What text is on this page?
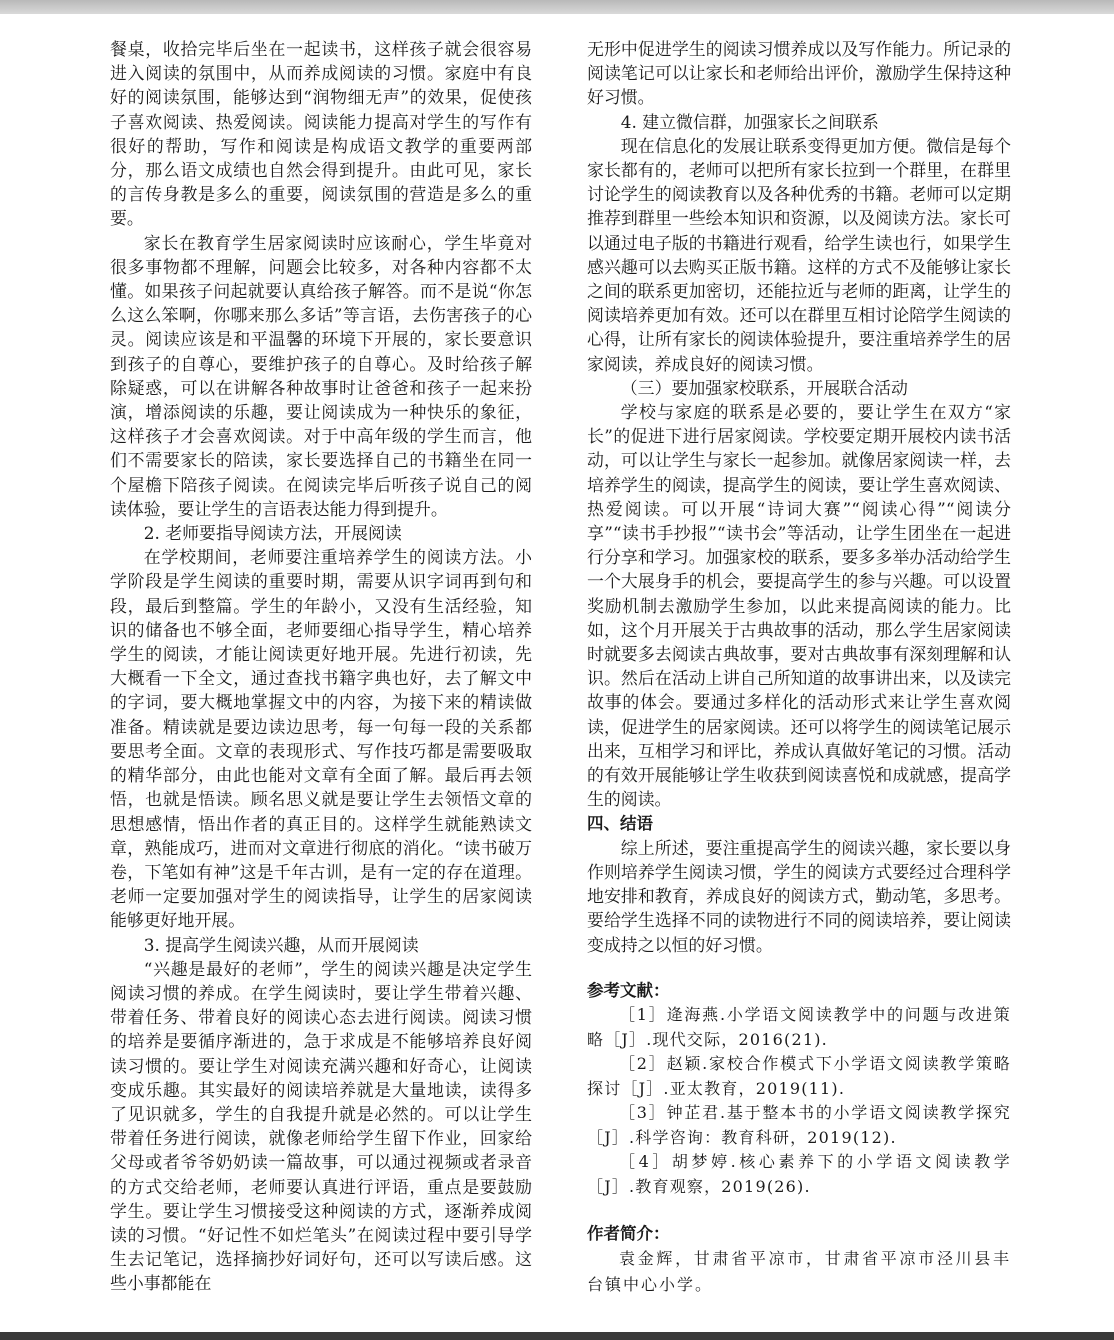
餐桌，收拾完毕后坐在一起读书，这样孩子就会很容易进入阅读的氛围中，从而养成阅读的习惯。家庭中有良好的阅读氛围，能够达到“润物细无声”的效果，促使孩子喜欢阅读、热爱阅读。阅读能力提高对学生的写作有很好的帮助，写作和阅读是构成语文教学的重要两部分，那么语文成绩也自然会得到提升。由此可见，家长的言传身教是多么的重要，阅读氛围的营造是多么的重要。

家长在教育学生居家阅读时应该耐心，学生毕竟对很多事物都不理解，问题会比较多，对各种内容都不太懂。如果孩子问起就要认真给孩子解答。而不是说“你怎么这么笨啊，你哪来那么多话”等言语，去伤害孩子的心灵。阅读应该是和平温馨的环境下开展的，家长要意识到孩子的自尊心，要维护孩子的自尊心。及时给孩子解除疑惑，可以在讲解各种故事时让爸爸和孩子一起来扮演，增添阅读的乐趣，要让阅读成为一种快乐的象征，这样孩子才会喜欢阅读。对于中高年级的学生而言，他们不需要家长的陪读，家长要选择自己的书籍坐在同一个屋檐下陪孩子阅读。在阅读完毕后听孩子说自己的阅读体验，要让学生的言语表达能力得到提升。

2. 老师要指导阅读方法，开展阅读

在学校期间，老师要注重培养学生的阅读方法。小学阶段是学生阅读的重要时期，需要从识字词再到句和段，最后到整篇。学生的年龄小，又没有生活经验，知识的储备也不够全面，老师要细心指导学生，精心培养学生的阅读，才能让阅读更好地开展。先进行初读，先大概看一下全文，通过查找书籍字典也好，去了解文中的字词，要大概地掌握文中的内容，为接下来的精读做准备。精读就是要边读边思考，每一句每一段的关系都要思考全面。文章的表现形式、写作技巧都是需要吸取的精华部分，由此也能对文章有全面了解。最后再去领悟，也就是悟读。顾名思义就是要让学生去领悟文章的思想感情，悟出作者的真正目的。这样学生就能熟读文章，熟能成巧，进而对文章进行彻底的消化。“读书破万卷，下笔如有神”这是千年古训，是有一定的存在道理。老师一定要加强对学生的阅读指导，让学生的居家阅读能够更好地开展。

3. 提高学生阅读兴趣，从而开展阅读

“兴趣是最好的老师”，学生的阅读兴趣是决定学生阅读习惯的养成。在学生阅读时，要让学生带着兴趣、带着任务、带着良好的阅读心态去进行阅读。阅读习惯的培养是要循序渐进的，急于求成是不能够培养良好阅读习惯的。要让学生对阅读充满兴趣和好奇心，让阅读变成乐趣。其实最好的阅读培养就是大量地读，读得多了见识就多，学生的自我提升就是必然的。可以让学生带着任务进行阅读，就像老师给学生留下作业，回家给父母或者爷爷奶奶读一篇故事，可以通过视频或者录音的方式交给老师，老师要认真进行评语，重点是要鼓励学生。要让学生习惯接受这种阅读的方式，逐渐养成阅读的习惯。“好记性不如烂笔头”在阅读过程中要引导学生去记笔记，选择摘抄好词好句，还可以写读后感。这些小事都能在

无形中促进学生的阅读习惯养成以及写作能力。所记录的阅读笔记可以让家长和老师给出评价，激励学生保持这种好习惯。

4. 建立微信群，加强家长之间联系

现在信息化的发展让联系变得更加方便。微信是每个家长都有的，老师可以把所有家长拉到一个群里，在群里讨论学生的阅读教育以及各种优秀的书籍。老师可以定期推荐到群里一些绘本知识和资源，以及阅读方法。家长可以通过电子版的书籍进行观看，给学生读也行，如果学生感兴趣可以去购买正版书籍。这样的方式不及能够让家长之间的联系更加密切，还能拉近与老师的距离，让学生的阅读培养更加有效。还可以在群里互相讨论陪学生阅读的心得，让所有家长的阅读体验提升，要注重培养学生的居家阅读，养成良好的阅读习惯。

（三）要加强家校联系，开展联合活动

学校与家庭的联系是必要的，要让学生在双方“家长”的促进下进行居家阅读。学校要定期开展校内读书活动，可以让学生与家长一起参加。就像居家阅读一样，去培养学生的阅读，提高学生的阅读，要让学生喜欢阅读、热爱阅读。可以开展“诗词大赛”“阅读心得”“阅读分享”“读书手抄报”“读书会”等活动，让学生团坐在一起进行分享和学习。加强家校的联系，要多多举办活动给学生一个大展身手的机会，要提高学生的参与兴趣。可以设置奖励机制去激励学生参加，以此来提高阅读的能力。比如，这个月开展关于古典故事的活动，那么学生居家阅读时就要多去阅读古典故事，要对古典故事有深刻理解和认识。然后在活动上讲自己所知道的故事讲出来，以及读完故事的体会。要通过多样化的活动形式来让学生喜欢阅读，促进学生的居家阅读。还可以将学生的阅读笔记展示出来，互相学习和评比，养成认真做好笔记的习惯。活动的有效开展能够让学生收获到阅读喜悦和成就感，提高学生的阅读。

四、结语

综上所述，要注重提高学生的阅读兴趣，家长要以身作则培养学生阅读习惯，学生的阅读方式要经过合理科学地安排和教育，养成良好的阅读方式，勤动笔，多思考。要给学生选择不同的读物进行不同的阅读培养，要让阅读变成持之以恒的好习惯。

参考文献：

［1］逄海燕.小学语文阅读教学中的问题与改进策略［J］.现代交际，2016(21).

［2］赵颖.家校合作模式下小学语文阅读教学策略探讨［J］.亚太教育，2019(11).

［3］钟芷君.基于整本书的小学语文阅读教学探究［J］.科学咨询：教育科研，2019(12).

［4］胡梦婷.核心素养下的小学语文阅读教学［J］.教育观察，2019(26).

作者简介：

袁金辉，甘肃省平凉市，甘肃省平凉市泾川县丰台镇中心小学。
